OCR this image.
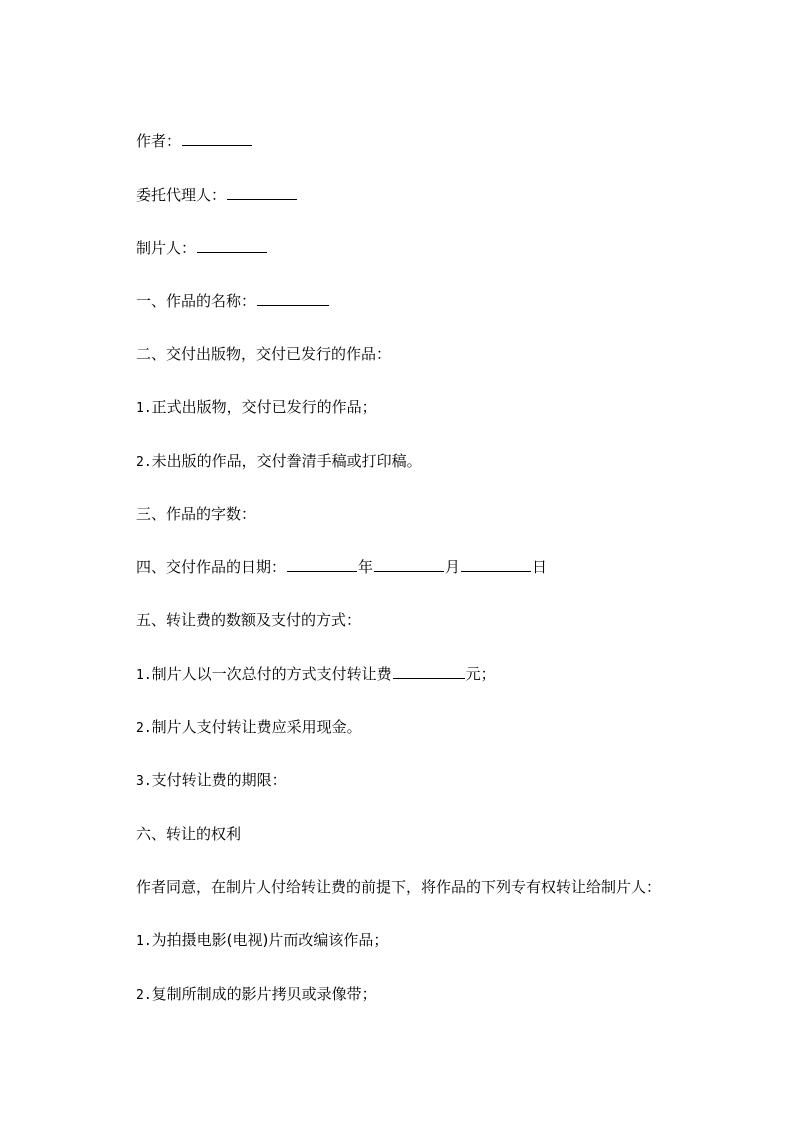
作者：
委托代理人：
制片人：
一、作品的名称：
二、交付出版物，交付已发行的作品：
1.正式出版物，交付已发行的作品；
2.未出版的作品，交付誊清手稿或打印稿。
三、作品的字数：
四、交付作品的日期：	年	月	日
五、转让费的数额及支付的方式：
1.制片人以一次总付的方式支付转让费	元；
2.制片人支付转让费应采用现金。
3.支付转让费的期限：
六、转让的权利
作者同意，在制片人付给转让费的前提下，将作品的下列专有权转让给制片人：
1.为拍摄电影(电视)片而改编该作品；
2.复制所制成的影片拷贝或录像带；
